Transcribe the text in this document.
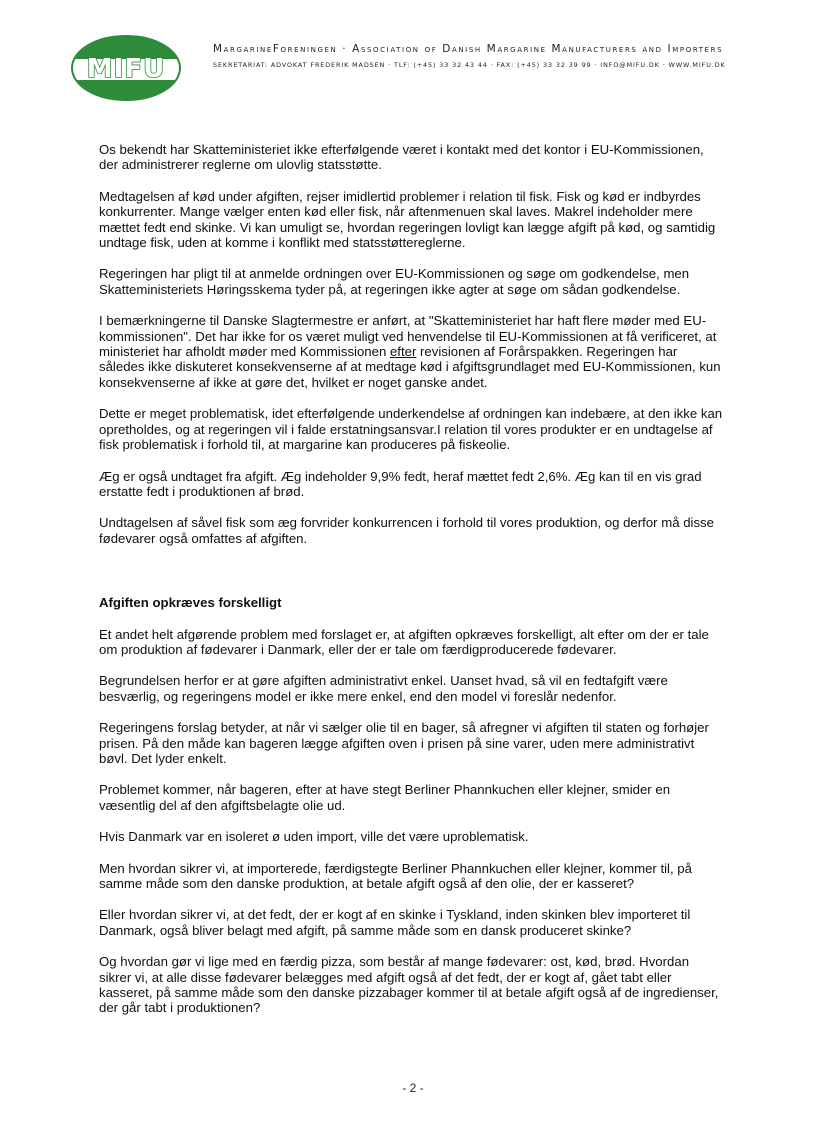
MIFU
MargarineForeningen · Association of Danish Margarine Manufacturers and Importers
SEKRETARIAT: ADVOKAT FREDERIK MADSEN · TLF: (+45) 33 32 43 44 · FAX: (+45) 33 32 39 99 · INFO@MIFU.DK · WWW.MIFU.DK

Os bekendt har Skatteministeriet ikke efterfølgende været i kontakt med det kontor i EU-Kommissionen, der administrerer reglerne om ulovlig statsstøtte.

Medtagelsen af kød under afgiften, rejser imidlertid problemer i relation til fisk. Fisk og kød er indbyrdes konkurrenter. Mange vælger enten kød eller fisk, når aftenmenuen skal laves. Makrel indeholder mere mættet fedt end skinke. Vi kan umuligt se, hvordan regeringen lovligt kan lægge afgift på kød, og samtidig undtage fisk, uden at komme i konflikt med statsstøttereglerne.

Regeringen har pligt til at anmelde ordningen over EU-Kommissionen og søge om godkendelse, men Skatteministeriets Høringsskema tyder på, at regeringen ikke agter at søge om sådan godkendelse.

I bemærkningerne til Danske Slagtermestre er anført, at "Skatteministeriet har haft flere møder med EU-kommissionen". Det har ikke for os været muligt ved henvendelse til EU-Kommissionen at få verificeret, at ministeriet har afholdt møder med Kommissionen efter revisionen af Forårspakken. Regeringen har således ikke diskuteret konsekvenserne af at medtage kød i afgiftsgrundlaget med EU-Kommissionen, kun konsekvenserne af ikke at gøre det, hvilket er noget ganske andet.

Dette er meget problematisk, idet efterfølgende underkendelse af ordningen kan indebære, at den ikke kan opretholdes, og at regeringen vil i falde erstatningsansvar.I relation til vores produkter er en undtagelse af fisk problematisk i forhold til, at margarine kan produceres på fiskeolie.

Æg er også undtaget fra afgift. Æg indeholder 9,9% fedt, heraf mættet fedt 2,6%. Æg kan til en vis grad erstatte fedt i produktionen af brød.

Undtagelsen af såvel fisk som æg forvrider konkurrencen i forhold til vores produktion, og derfor må disse fødevarer også omfattes af afgiften.

Afgiften opkræves forskelligt

Et andet helt afgørende problem med forslaget er, at afgiften opkræves forskelligt, alt efter om der er tale om produktion af fødevarer i Danmark, eller der er tale om færdigproducerede fødevarer.

Begrundelsen herfor er at gøre afgiften administrativt enkel. Uanset hvad, så vil en fedtafgift være besværlig, og regeringens model er ikke mere enkel, end den model vi foreslår nedenfor.

Regeringens forslag betyder, at når vi sælger olie til en bager, så afregner vi afgiften til staten og forhøjer prisen. På den måde kan bageren lægge afgiften oven i prisen på sine varer, uden mere administrativt bøvl. Det lyder enkelt.

Problemet kommer, når bageren, efter at have stegt Berliner Phannkuchen eller klejner, smider en væsentlig del af den afgiftsbelagte olie ud.

Hvis Danmark var en isoleret ø uden import, ville det være uproblematisk.

Men hvordan sikrer vi, at importerede, færdigstegte Berliner Phannkuchen eller klejner, kommer til, på samme måde som den danske produktion, at betale afgift også af den olie, der er kasseret?

Eller hvordan sikrer vi, at det fedt, der er kogt af en skinke i Tyskland, inden skinken blev importeret til Danmark, også bliver belagt med afgift, på samme måde som en dansk produceret skinke?

Og hvordan gør vi lige med en færdig pizza, som består af mange fødevarer: ost, kød, brød. Hvordan sikrer vi, at alle disse fødevarer belægges med afgift også af det fedt, der er kogt af, gået tabt eller kasseret, på samme måde som den danske pizzabager kommer til at betale afgift også af de ingredienser, der går tabt i produktionen?

- 2 -
